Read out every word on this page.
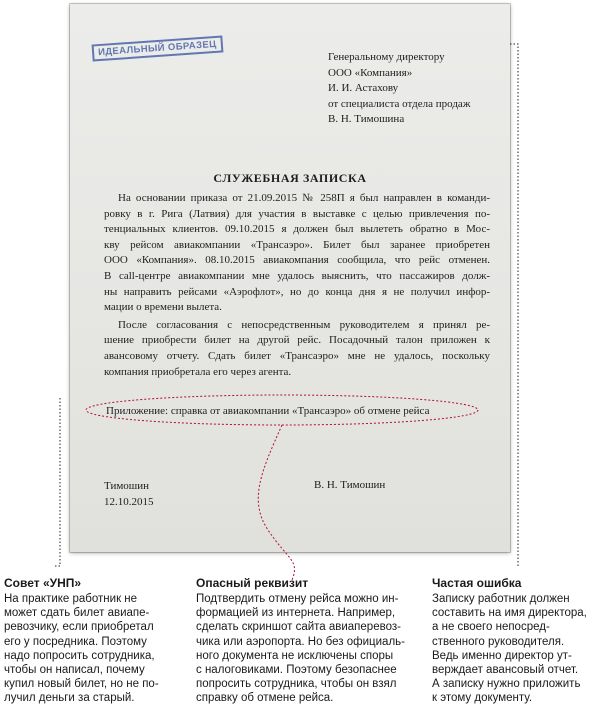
ИДЕАЛЬНЫЙ ОБРАЗЕЦ	Генеральному директору
ООО «Компания»
И. И. Астахову
от специалиста отдела продаж
В. Н. Тимошина
СЛУЖЕБНАЯ ЗАПИСКА
На основании приказа от 21.09.2015 № 258П я был направлен в команди-
ровку в г. Рига (Латвия) для участия в выставке с целью привлечения по-
тенциальных клиентов. 09.10.2015 я должен был вылететь обратно в Мос-
кву рейсом авиакомпании «Трансаэро». Билет был заранее приобретен
ООО «Компания». 08.10.2015 авиакомпания сообщила, что рейс отменен.
В call-центре авиакомпании мне удалось выяснить, что пассажиров долж-
ны направить рейсами «Аэрофлот», но до конца дня я не получил инфор-
мации о времени вылета.
После согласования с непосредственным руководителем я принял ре-
шение приобрести билет на другой рейс. Посадочный талон приложен к
авансовому отчету. Сдать билет «Трансаэро» мне не удалось, поскольку
компания приобретала его через агента.
Приложение: справка от авиакомпании «Трансаэро» об отмене рейса
Тимошин
12.10.2015
В. Н. Тимошин
Совет «УНП»
На практике работник не
может сдать билет авиапе-
ревозчику, если приобретал
его у посредника. Поэтому
надо попросить сотрудника,
чтобы он написал, почему
купил новый билет, но не по-
лучил деньги за старый.
Опасный реквизит
Подтвердить отмену рейса можно ин-
формацией из интернета. Например,
сделать скриншот сайта авиаперевоз-
чика или аэропорта. Но без официаль-
ного документа не исключены споры
с налоговиками. Поэтому безопаснее
попросить сотрудника, чтобы он взял
справку об отмене рейса.
Частая ошибка
Записку работник должен
составить на имя директора,
а не своего непосред-
ственного руководителя.
Ведь именно директор ут-
верждает авансовый отчет.
А записку нужно приложить
к этому документу.
